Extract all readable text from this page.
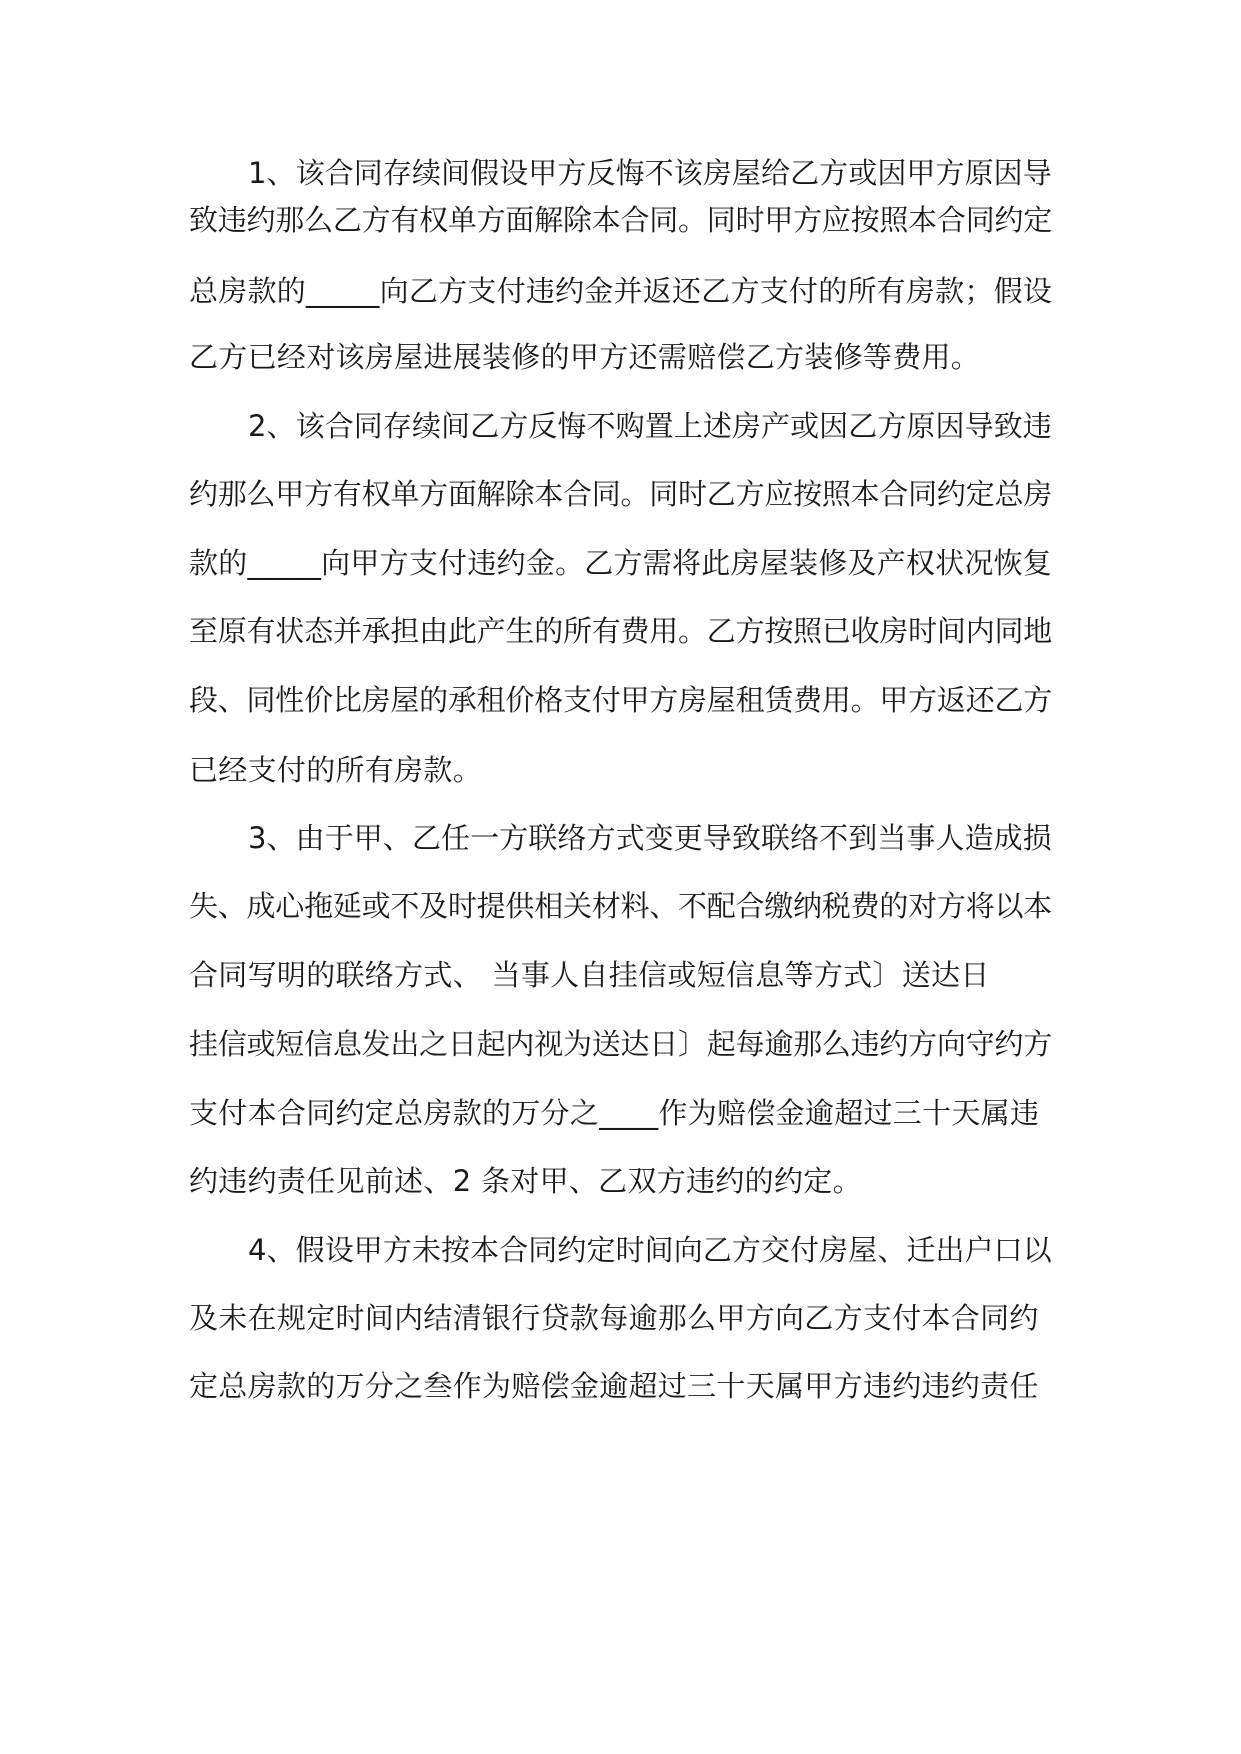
1、该合同存续间假设甲方反悔不该房屋给乙方或因甲方原因导

致违约那么乙方有权单方面解除本合同。同时甲方应按照本合同约定

总房款的_____向乙方支付违约金并返还乙方支付的所有房款；假设

乙方已经对该房屋进展装修的甲方还需赔偿乙方装修等费用。

2、该合同存续间乙方反悔不购置上述房产或因乙方原因导致违

约那么甲方有权单方面解除本合同。同时乙方应按照本合同约定总房

款的_____向甲方支付违约金。乙方需将此房屋装修及产权状况恢复

至原有状态并承担由此产生的所有费用。乙方按照已收房时间内同地

段、同性价比房屋的承租价格支付甲方房屋租赁费用。甲方返还乙方

已经支付的所有房款。

3、由于甲、乙任一方联络方式变更导致联络不到当事人造成损

失、成心拖延或不及时提供相关材料、不配合缴纳税费的对方将以本

合同写明的联络方式、 当事人自挂信或短信息等方式〕送达日

挂信或短信息发出之日起内视为送达日〕起每逾那么违约方向守约方

支付本合同约定总房款的万分之____作为赔偿金逾超过三十天属违

约违约责任见前述、2 条对甲、乙双方违约的约定。

4、假设甲方未按本合同约定时间向乙方交付房屋、迁出户口以

及未在规定时间内结清银行贷款每逾那么甲方向乙方支付本合同约

定总房款的万分之叁作为赔偿金逾超过三十天属甲方违约违约责任
